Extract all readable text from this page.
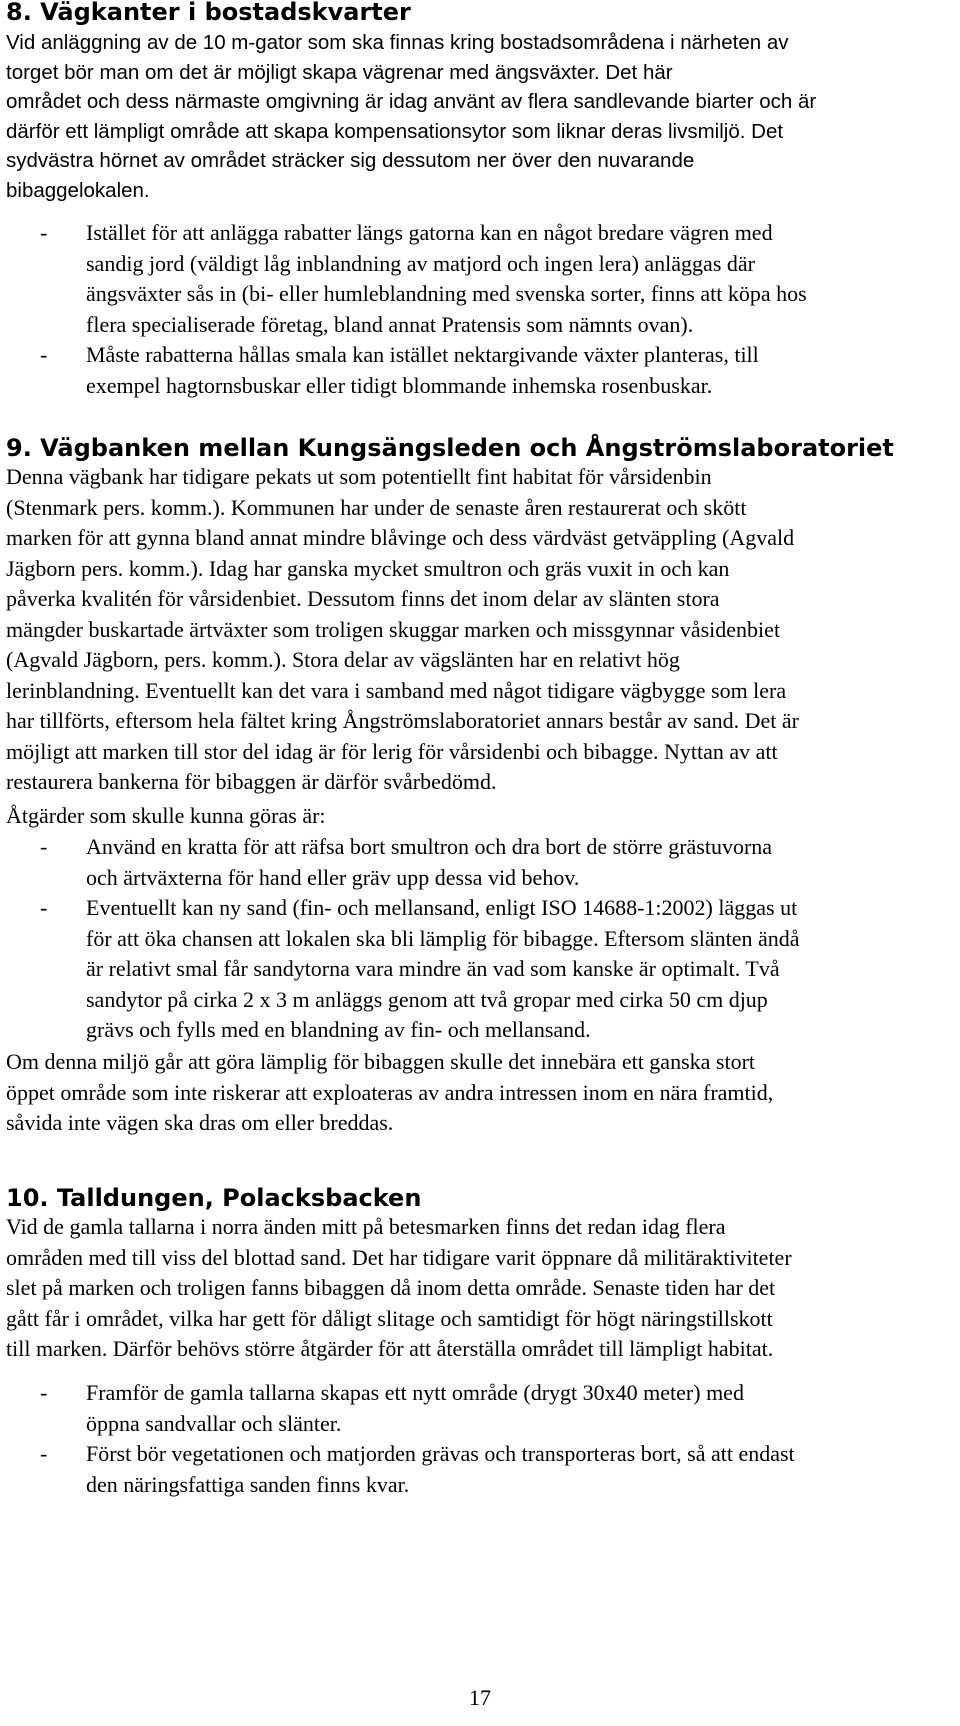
8. Vägkanter i bostadskvarter
Vid anläggning av de 10 m-gator som ska finnas kring bostadsområdena i närheten av
torget bör man om det är möjligt skapa vägrenar med ängsväxter. Det här
området och dess närmaste omgivning är idag använt av flera sandlevande biarter och är
därför ett lämpligt område att skapa kompensationsytor som liknar deras livsmiljö. Det
sydvästra hörnet av området sträcker sig dessutom ner över den nuvarande
bibaggelokalen.
- Istället för att anlägga rabatter längs gatorna kan en något bredare vägren med
sandig jord (väldigt låg inblandning av matjord och ingen lera) anläggas där
ängsväxter sås in (bi- eller humleblandning med svenska sorter, finns att köpa hos
flera specialiserade företag, bland annat Pratensis som nämnts ovan).
- Måste rabatterna hållas smala kan istället nektargivande växter planteras, till
exempel hagtornsbuskar eller tidigt blommande inhemska rosenbuskar.
9. Vägbanken mellan Kungsängsleden och Ångströmslaboratoriet
Denna vägbank har tidigare pekats ut som potentiellt fint habitat för vårsidenbin
(Stenmark pers. komm.). Kommunen har under de senaste åren restaurerat och skött
marken för att gynna bland annat mindre blåvinge och dess värdväst getväppling (Agvald
Jägborn pers. komm.). Idag har ganska mycket smultron och gräs vuxit in och kan
påverka kvalitén för vårsidenbiet. Dessutom finns det inom delar av slänten stora
mängder buskartade ärtväxter som troligen skuggar marken och missgynnar våsidenbiet
(Agvald Jägborn, pers. komm.). Stora delar av vägslänten har en relativt hög
lerinblandning. Eventuellt kan det vara i samband med något tidigare vägbygge som lera
har tillförts, eftersom hela fältet kring Ångströmslaboratoriet annars består av sand. Det är
möjligt att marken till stor del idag är för lerig för vårsidenbi och bibagge. Nyttan av att
restaurera bankerna för bibaggen är därför svårbedömd.
Åtgärder som skulle kunna göras är:
- Använd en kratta för att räfsa bort smultron och dra bort de större grästuvorna
och ärtväxterna för hand eller gräv upp dessa vid behov.
- Eventuellt kan ny sand (fin- och mellansand, enligt ISO 14688-1:2002) läggas ut
för att öka chansen att lokalen ska bli lämplig för bibagge. Eftersom slänten ändå
är relativt smal får sandytorna vara mindre än vad som kanske är optimalt. Två
sandytor på cirka 2 x 3 m anläggs genom att två gropar med cirka 50 cm djup
grävs och fylls med en blandning av fin- och mellansand.
Om denna miljö går att göra lämplig för bibaggen skulle det innebära ett ganska stort
öppet område som inte riskerar att exploateras av andra intressen inom en nära framtid,
såvida inte vägen ska dras om eller breddas.
10. Talldungen, Polacksbacken
Vid de gamla tallarna i norra änden mitt på betesmarken finns det redan idag flera
områden med till viss del blottad sand. Det har tidigare varit öppnare då militäraktiviteter
slet på marken och troligen fanns bibaggen då inom detta område. Senaste tiden har det
gått får i området, vilka har gett för dåligt slitage och samtidigt för högt näringstillskott
till marken. Därför behövs större åtgärder för att återställa området till lämpligt habitat.
- Framför de gamla tallarna skapas ett nytt område (drygt 30x40 meter) med
öppna sandvallar och slänter.
- Först bör vegetationen och matjorden grävas och transporteras bort, så att endast
den näringsfattiga sanden finns kvar.
17
